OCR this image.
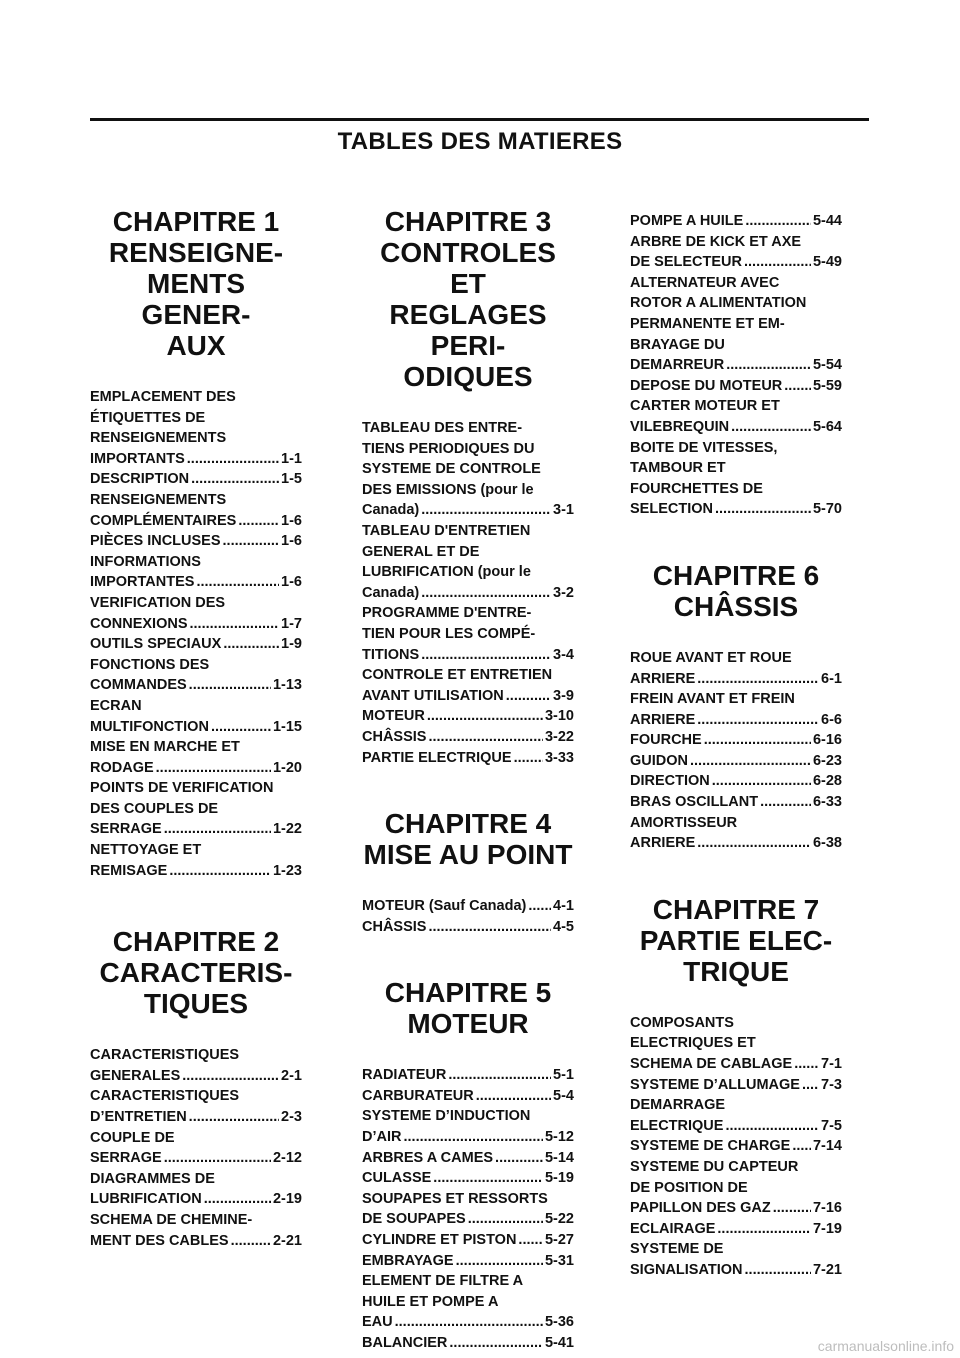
TABLES DES MATIERES
CHAPITRE 1
RENSEIGNE-
MENTS GENER-
AUX
EMPLACEMENT DES
ÉTIQUETTES DE
RENSEIGNEMENTS
IMPORTANTS .....	1-1
DESCRIPTION .....	1-5
RENSEIGNEMENTS
COMPLÉMENTAIRES .....	1-6
PIÈCES INCLUSES .....	1-6
INFORMATIONS
IMPORTANTES .....	1-6
VERIFICATION DES
CONNEXIONS .....	1-7
OUTILS SPECIAUX .....	1-9
FONCTIONS DES
COMMANDES .....	1-13
ECRAN
MULTIFONCTION .....	1-15
MISE EN MARCHE ET
RODAGE .....	1-20
POINTS DE VERIFICATION
DES COUPLES DE
SERRAGE .....	1-22
NETTOYAGE ET
REMISAGE .....	1-23
CHAPITRE 2
CARACTERIS-
TIQUES
CARACTERISTIQUES
GENERALES .....	2-1
CARACTERISTIQUES
D’ENTRETIEN .....	2-3
COUPLE DE
SERRAGE .....	2-12
DIAGRAMMES DE
LUBRIFICATION .....	2-19
SCHEMA DE CHEMINE-
MENT DES CABLES .....	2-21
CHAPITRE 3
CONTROLES ET
REGLAGES PERI-
ODIQUES
TABLEAU DES ENTRE-
TIENS PERIODIQUES DU
SYSTEME DE CONTROLE
DES EMISSIONS (pour le
Canada) .....	3-1
TABLEAU D'ENTRETIEN
GENERAL ET DE
LUBRIFICATION (pour le
Canada) .....	3-2
PROGRAMME D'ENTRE-
TIEN POUR LES COMPÉ-
TITIONS .....	3-4
CONTROLE ET ENTRETIEN
AVANT UTILISATION .....	3-9
MOTEUR .....	3-10
CHÂSSIS .....	3-22
PARTIE ELECTRIQUE ..... 3-33
CHAPITRE 4
MISE AU POINT
MOTEUR (Sauf Canada) ..... 4-1
CHÂSSIS .....	4-5
CHAPITRE 5
MOTEUR
RADIATEUR .....	5-1
CARBURATEUR .....	5-4
SYSTEME D’INDUCTION
D’AIR .....	5-12
ARBRES A CAMES .....	5-14
CULASSE .....	5-19
SOUPAPES ET RESSORTS
DE SOUPAPES .....	5-22
CYLINDRE ET PISTON ..... 5-27
EMBRAYAGE .....	5-31
ELEMENT DE FILTRE A
HUILE ET POMPE A
EAU .....	5-36
BALANCIER .....	5-41
POMPE A HUILE .....	5-44
ARBRE DE KICK ET AXE
DE SELECTEUR .....	5-49
ALTERNATEUR AVEC
ROTOR A ALIMENTATION
PERMANENTE ET EM-
BRAYAGE DU
DEMARREUR .....	5-54
DEPOSE DU MOTEUR ..... 5-59
CARTER MOTEUR ET
VILEBREQUIN .....	5-64
BOITE DE VITESSES,
TAMBOUR ET
FOURCHETTES DE
SELECTION .....	5-70
CHAPITRE 6
CHÂSSIS
ROUE AVANT ET ROUE
ARRIERE .....	6-1
FREIN AVANT ET FREIN
ARRIERE .....	6-6
FOURCHE .....	6-16
GUIDON .....	6-23
DIRECTION .....	6-28
BRAS OSCILLANT .....	6-33
AMORTISSEUR
ARRIERE .....	6-38
CHAPITRE 7
PARTIE ELEC-
TRIQUE
COMPOSANTS
ELECTRIQUES ET
SCHEMA DE CABLAGE ..... 7-1
SYSTEME D’ALLUMAGE ..... 7-3
DEMARRAGE
ELECTRIQUE .....	7-5
SYSTEME DE CHARGE ..... 7-14
SYSTEME DU CAPTEUR
DE POSITION DE
PAPILLON DES GAZ .....	7-16
ECLAIRAGE .....	7-19
SYSTEME DE
SIGNALISATION .....	7-21
carmanualsonline.info
